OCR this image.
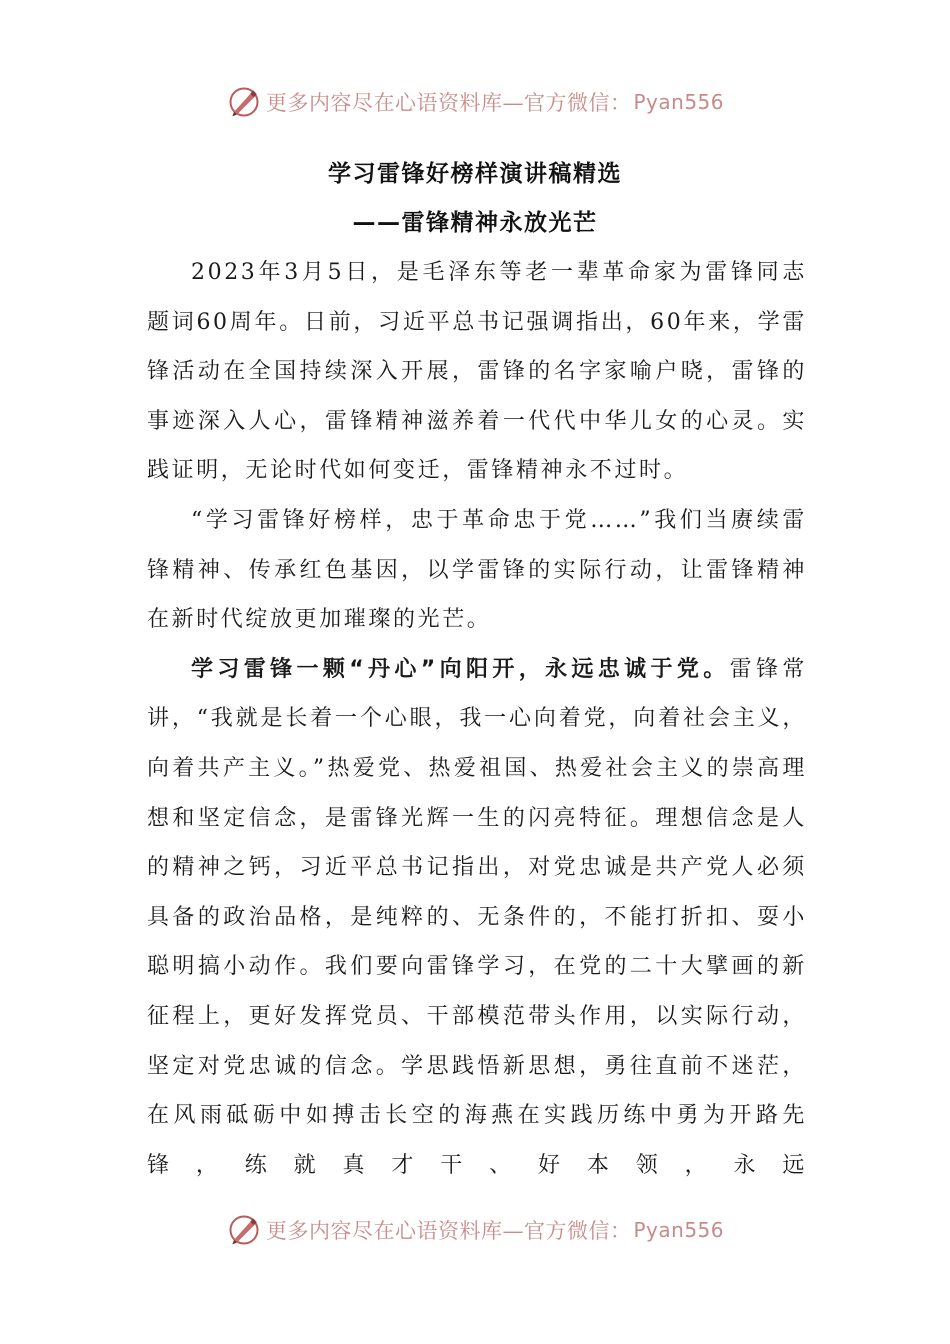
更多内容尽在心语资料库—官方微信： Pyan556
学习雷锋好榜样演讲稿精选
——雷锋精神永放光芒

2023年3月5日，是毛泽东等老一辈革命家为雷锋同志题词60周年。日前，习近平总书记强调指出，60年来，学雷锋活动在全国持续深入开展，雷锋的名字家喻户晓，雷锋的事迹深入人心，雷锋精神滋养着一代代中华儿女的心灵。实践证明，无论时代如何变迁，雷锋精神永不过时。

“学习雷锋好榜样，忠于革命忠于党……”我们当赓续雷锋精神、传承红色基因，以学雷锋的实际行动，让雷锋精神在新时代绽放更加璀璨的光芒。

学习雷锋一颗“丹心”向阳开，永远忠诚于党。雷锋常讲，“我就是长着一个心眼，我一心向着党，向着社会主义，向着共产主义。”热爱党、热爱祖国、热爱社会主义的崇高理想和坚定信念，是雷锋光辉一生的闪亮特征。理想信念是人的精神之钙，习近平总书记指出，对党忠诚是共产党人必须具备的政治品格，是纯粹的、无条件的，不能打折扣、耍小聪明搞小动作。我们要向雷锋学习，在党的二十大擘画的新征程上，更好发挥党员、干部模范带头作用，以实际行动，坚定对党忠诚的信念。学思践悟新思想，勇往直前不迷茫，在风雨砥砺中如搏击长空的海燕在实践历练中勇为开路先锋，练就真才干、好本领，永远

更多内容尽在心语资料库—官方微信： Pyan556
